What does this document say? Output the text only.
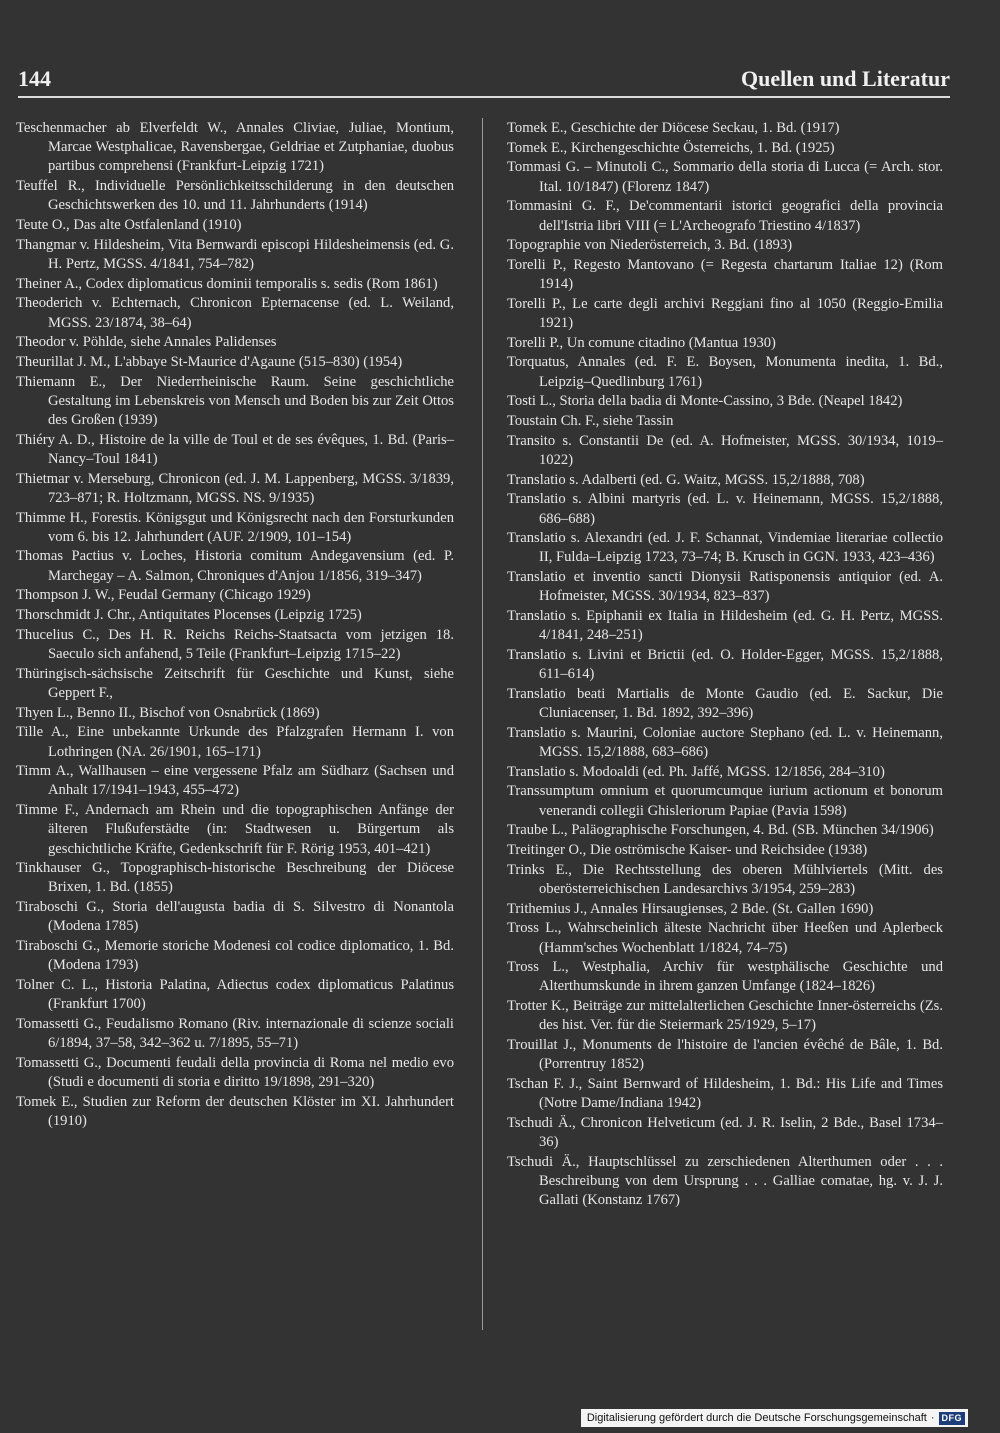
144	Quellen und Literatur

Teschenmacher ab Elverfeldt W., Annales Cliviae, Juliae, Montium, Marcae Westphalicae, Ravensbergae, Geldriae et Zutphaniae, duobus partibus comprehensi (Frankfurt-Leipzig 1721)

Teuffel R., Individuelle Persönlichkeitsschilderung in den deutschen Geschichtswerken des 10. und 11. Jahrhunderts (1914)

Teute O., Das alte Ostfalenland (1910)

Thangmar v. Hildesheim, Vita Bernwardi episcopi Hildesheimensis (ed. G. H. Pertz, MGSS. 4/1841, 754–782)

Theiner A., Codex diplomaticus dominii temporalis s. sedis (Rom 1861)

Theoderich v. Echternach, Chronicon Epternacense (ed. L. Weiland, MGSS. 23/1874, 38–64)

Theodor v. Pöhlde, siehe Annales Palidenses

Theurillat J. M., L'abbaye St-Maurice d'Agaune (515–830) (1954)

Thiemann E., Der Niederrheinische Raum. Seine geschichtliche Gestaltung im Lebenskreis von Mensch und Boden bis zur Zeit Ottos des Großen (1939)

Thiéry A. D., Histoire de la ville de Toul et de ses évêques, 1. Bd. (Paris–Nancy–Toul 1841)

Thietmar v. Merseburg, Chronicon (ed. J. M. Lappenberg, MGSS. 3/1839, 723–871; R. Holtzmann, MGSS. NS. 9/1935)

Thimme H., Forestis. Königsgut und Königsrecht nach den Forsturkunden vom 6. bis 12. Jahrhundert (AUF. 2/1909, 101–154)

Thomas Pactius v. Loches, Historia comitum Andegavensium (ed. P. Marchegay – A. Salmon, Chroniques d'Anjou 1/1856, 319–347)

Thompson J. W., Feudal Germany (Chicago 1929)

Thorschmidt J. Chr., Antiquitates Plocenses (Leipzig 1725)

Thucelius C., Des H. R. Reichs Reichs-Staatsacta vom jetzigen 18. Saeculo sich anfahend, 5 Teile (Frankfurt–Leipzig 1715–22)

Thüringisch-sächsische Zeitschrift für Geschichte und Kunst, siehe Geppert F.,

Thyen L., Benno II., Bischof von Osnabrück (1869)

Tille A., Eine unbekannte Urkunde des Pfalzgrafen Hermann I. von Lothringen (NA. 26/1901, 165–171)

Timm A., Wallhausen – eine vergessene Pfalz am Südharz (Sachsen und Anhalt 17/1941–1943, 455–472)

Timme F., Andernach am Rhein und die topographischen Anfänge der älteren Flußuferstädte (in: Stadtwesen u. Bürgertum als geschichtliche Kräfte, Gedenkschrift für F. Rörig 1953, 401–421)

Tinkhauser G., Topographisch-historische Beschreibung der Diöcese Brixen, 1. Bd. (1855)

Tiraboschi G., Storia dell'augusta badia di S. Silvestro di Nonantola (Modena 1785)

Tiraboschi G., Memorie storiche Modenesi col codice diplomatico, 1. Bd. (Modena 1793)

Tolner C. L., Historia Palatina, Adiectus codex diplomaticus Palatinus (Frankfurt 1700)

Tomassetti G., Feudalismo Romano (Riv. internazionale di scienze sociali 6/1894, 37–58, 342–362 u. 7/1895, 55–71)

Tomassetti G., Documenti feudali della provincia di Roma nel medio evo (Studi e documenti di storia e diritto 19/1898, 291–320)

Tomek E., Studien zur Reform der deutschen Klöster im XI. Jahrhundert (1910)

Tomek E., Geschichte der Diöcese Seckau, 1. Bd. (1917)

Tomek E., Kirchengeschichte Österreichs, 1. Bd. (1925)

Tommasi G. – Minutoli C., Sommario della storia di Lucca (= Arch. stor. Ital. 10/1847) (Florenz 1847)

Tommasini G. F., De'commentarii istorici geografici della provincia dell'Istria libri VIII (= L'Archeografo Triestino 4/1837)

Topographie von Niederösterreich, 3. Bd. (1893)

Torelli P., Regesto Mantovano (= Regesta chartarum Italiae 12) (Rom 1914)

Torelli P., Le carte degli archivi Reggiani fino al 1050 (Reggio-Emilia 1921)

Torelli P., Un comune citadino (Mantua 1930)

Torquatus, Annales (ed. F. E. Boysen, Monumenta inedita, 1. Bd., Leipzig–Quedlinburg 1761)

Tosti L., Storia della badia di Monte-Cassino, 3 Bde. (Neapel 1842)

Toustain Ch. F., siehe Tassin

Transito s. Constantii De (ed. A. Hofmeister, MGSS. 30/1934, 1019–1022)

Translatio s. Adalberti (ed. G. Waitz, MGSS. 15,2/1888, 708)

Translatio s. Albini martyris (ed. L. v. Heinemann, MGSS. 15,2/1888, 686–688)

Translatio s. Alexandri (ed. J. F. Schannat, Vindemiae literariae collectio II, Fulda–Leipzig 1723, 73–74; B. Krusch in GGN. 1933, 423–436)

Translatio et inventio sancti Dionysii Ratisponensis antiquior (ed. A. Hofmeister, MGSS. 30/1934, 823–837)

Translatio s. Epiphanii ex Italia in Hildesheim (ed. G. H. Pertz, MGSS. 4/1841, 248–251)

Translatio s. Livini et Brictii (ed. O. Holder-Egger, MGSS. 15,2/1888, 611–614)

Translatio beati Martialis de Monte Gaudio (ed. E. Sackur, Die Cluniacenser, 1. Bd. 1892, 392–396)

Translatio s. Maurini, Coloniae auctore Stephano (ed. L. v. Heinemann, MGSS. 15,2/1888, 683–686)

Translatio s. Modoaldi (ed. Ph. Jaffé, MGSS. 12/1856, 284–310)

Transsumptum omnium et quorumcumque iurium actionum et bonorum venerandi collegii Ghisleriorum Papiae (Pavia 1598)

Traube L., Paläographische Forschungen, 4. Bd. (SB. München 34/1906)

Treitinger O., Die oströmische Kaiser- und Reichsidee (1938)

Trinks E., Die Rechtsstellung des oberen Mühlviertels (Mitt. des oberösterreichischen Landesarchivs 3/1954, 259–283)

Trithemius J., Annales Hirsaugienses, 2 Bde. (St. Gallen 1690)

Tross L., Wahrscheinlich älteste Nachricht über Heeßen und Aplerbeck (Hamm'sches Wochenblatt 1/1824, 74–75)

Tross L., Westphalia, Archiv für westphälische Geschichte und Alterthumskunde in ihrem ganzen Umfange (1824–1826)

Trotter K., Beiträge zur mittelalterlichen Geschichte Inner-österreichs (Zs. des hist. Ver. für die Steiermark 25/1929, 5–17)

Trouillat J., Monuments de l'histoire de l'ancien évêché de Bâle, 1. Bd. (Porrentruy 1852)

Tschan F. J., Saint Bernward of Hildesheim, 1. Bd.: His Life and Times (Notre Dame/Indiana 1942)

Tschudi Ä., Chronicon Helveticum (ed. J. R. Iselin, 2 Bde., Basel 1734–36)

Tschudi Ä., Hauptschlüssel zu zerschiedenen Alterthumen oder . . . Beschreibung von dem Ursprung . . . Galliae comatae, hg. v. J. J. Gallati (Konstanz 1767)

Digitalisierung gefördert durch die Deutsche Forschungsgemeinschaft · DFG
